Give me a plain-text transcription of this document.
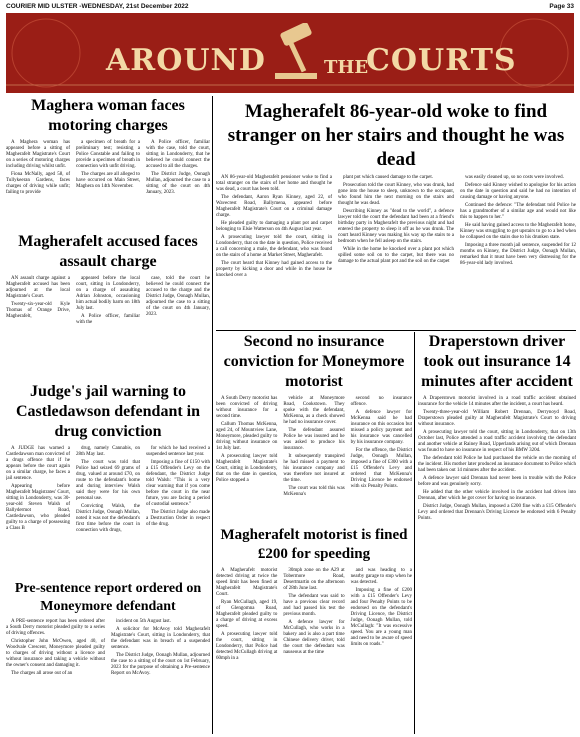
COURIER MID ULSTER -WEDNESDAY, 21st December 2022	Page 33
AROUND	THE
COURTS
Maghera woman faces motoring charges

A Maghera woman has appeared before a sitting of Magherafelt Magistrate's Court on a series of motoring charges including driving whilst unfit.

Fiona McNally, aged 58, of Tullykeeran Gardens, faces charges of driving while unfit; failing to provide

a specimen of breath for a preliminary test; resisting a Police Constable and failing to provide a specimen of breath in connection with unfit driving.

The charges are all alleged to have occurred on Main Street, Maghera on 14th November.

A Police officer, familiar with the case, told the court, sitting in Londonderry, that he believed he could connect the accused to all the charges.

The District Judge, Oonagh Mullan, adjourned the case to a sitting of the court on 4th January, 2023.

Magherafelt accused faces assault charge

AN assault charge against a Magherafelt accused has been adjourned at the local Magistrate's Court.

Twenty-six-year-old Kyle Thomas of Orange Drive, Magherafelt,

appeared before the local court, sitting in Londonderry, on a charge of assaulting Adrian Johnston, occasioning him actual bodily harm on 18th July last.

A Police officer, familiar with the

case, told the court he believed he could connect the accused to the charge and the District Judge, Oonagh Mullan, adjourned the case to a sitting of the court on 4th January, 2023.

Judge's jail warning to Castledawson defendant in drug conviction

A JUDGE has warned a Castledawson man convicted of a drugs offence that if he appears before the court again on a similar charge, he faces a jail sentence.

Appearing before Magherafelt Magistrates' Court, sitting in Londonderry, was 30-year-old Steven Walsh of Ballydermot Road, Castledawson, who pleaded guilty to a charge of possessing a Class B

drug, namely Cannabis, on 28th May last.

The court was told that Police had seized 69 grams of drug, valued at around £70, on route to the defendant's home and during interview Walsh said they were for his own personal use.

Convicting Walsh, the District Judge, Oonagh Mullan, noted it was not the defendant's first time before the court in connection with drugs,

for which he had received a suspended sentence last year.

Imposing a fine of £150 with a £15 Offender's Levy on the defendant, the District Judge told Walsh: "This is a very clear warning that if you come before the court in the near future, you are facing a period of custodial sentence."

The District Judge also made a Destruction Order in respect of the drug.

Pre-sentence report ordered on Moneymore defendant

A PRE-sentence report has been ordered after a South Derry motorist pleaded guilty to a series of driving offences.

Christopher John McOwen, aged 40, of Woodvale Crescent, Moneymore pleaded guilty to charges of driving without a licence and without insurance and taking a vehicle without the owner's consent and damaging it.

The charges all arose out of an

incident on 5th August last.

A solicitor for McAvoy told Magherafelt Magistrate's Court, sitting in Londonderry, that the defendant was in breach of a suspended sentence.

The District Judge, Oonagh Mullan, adjourned the case to a sitting of the court on 1st February, 2023 for the purpose of obtaining a Pre-sentence Report on McAvoy.

Magherafelt 86-year-old woke to find stranger on her stairs and thought he was dead

AN 86-year-old Magherafelt pensioner woke to find a total stranger on the stairs of her home and thought he was dead, a court has been told.

The defendant, Aaron Ryan Kinney, aged 22, of Wavecrest Road, Ballymena, appeared before Magherafelt Magistrate's Court on a criminal damage charge.

He pleaded guilty to damaging a plant pot and carpet belonging to Elsie Watterson on 4th August last year.

A prosecuting lawyer told the court, sitting in Londonderry, that on the date in question, Police received a call concerning a male, the defendant, who was found on the stairs of a home at Market Street, Magherafelt.

The court heard that Kinney had gained access to the property by kicking a door and while in the house he knocked over a

plant pot which caused damage to the carpet.

Prosecution told the court Kinney, who was drunk, had gone into the house to sleep, unknown to the occupant, who found him the next morning on the stairs and thought he was dead.

Describing Kinney as "dead to the world", a defence lawyer told the court the defendant had been at a friend's birthday party in Magherafelt the previous night and had entered the property to sleep it off as he was drunk. The court heard Kinney was making his way up the stairs to a bedroom when he fell asleep on the stairs.

While in the home he knocked over a plant pot which spilled some soil on to the carpet, but there was no damage to the actual plant pot and the soil on the carpet

was easily cleaned up, so no costs were involved.

Defence said Kinney wished to apologise for his action on the date in question and said he had no intention of causing damage or having anyone.

Continued the defence: "The defendant told Police he has a grandmother of a similar age and would not like this to happen to her."

He said having gained access to the Magherafelt home, Kinney was struggling to get upstairs to go to a bed when he collapsed on the stairs due to his drunken state.

Imposing a three month jail sentence, suspended for 12 months on Kinney, the District Judge, Oonagh Mullan, remarked that it must have been very distressing for the 86-year-old lady involved.

Second no insurance conviction for Moneymore motorist

A South Derry motorist has been convicted of driving without insurance for a second time.

Callum Thomas McKenna, aged 24, of Mountview Lane, Moneymore, pleaded guilty to driving without insurance on 1st July last.

A prosecuting lawyer told Magherafelt Magistrate's Court, sitting in Londonderry, that on the date in question, Police stopped a

vehicle at Moneymore Road, Cookstown. They spoke with the defendant, McKenna, as a check showed he had no insurance cover.

The defendant assured Police he was insured and he was asked to produce his insurance.

It subsequently transpired he had missed a payment to his insurance company and was therefore not insured at the time.

The court was told this was McKenna's

second no insurance offence.

A defence lawyer for McKenna said he had insurance on this occasion but missed a policy payment and his insurance was cancelled by his insurance company.

For the offence, the District Judge, Oonagh Mullan, imposed a fine of £300 with a £15 Offender's Levy and ordered that McKenna's Driving Licence be endorsed with six Penalty Points.

Magherafelt motorist is fined £200 for speeding

A Magherafelt motorist detected driving at twice the speed limit has been fined at Magherafelt Magistrate's Court.

Ryan McCullagh, aged 19, of Glengomna Road, Magherafelt pleaded guilty to a charge of driving at excess speed.

A prosecuting lawyer told the court, sitting in Londonderry, that Police had detected McCullagh driving at 60mph in a

30mph zone on the A29 at Tobermore Road, Desertmartin on the afternoon of 28th June last.

The defendant was said to have a previous clear record and had passed his test the previous month.

A defence lawyer for McCullagh, who works in a bakery and is also a part time Chinese delivery driver, told the court the defendant was nauseous at the time

and was heading to a nearby garage to stop when he was detected.

Imposing a fine of £200 with a £15 Offender's Levy and four Penalty Points to be endorsed on the defendant's Driving Licence, the District Judge, Oonagh Mullan, told McCullagh: "It was excessive speed. You are a young man and need to be aware of speed limits on roads."

Draperstown driver took out insurance 14 minutes after accident

A Draperstown motorist involved in a road traffic accident obtained insurance for the vehicle 14 minutes after the incident, a court has heard.

Twenty-three-year-old William Robert Drennan, Derrynoyd Road, Draperstown pleaded guilty at Magherafelt Magistrate's Court to driving without insurance.

A prosecuting lawyer told the court, sitting in Londonderry, that on 13th October last, Police attended a road traffic accident involving the defendant and another vehicle at Rainey Road, Upperlands arising out of which Drennan was found to have no insurance in respect of his BMW 320d.

The defendant told Police he had purchased the vehicle on the morning of the incident. His mother later produced an insurance document to Police which had been taken out 14 minutes after the accident.

A defence lawyer said Drennan had never been in trouble with the Police before and was genuinely sorry.

He added that the other vehicle involved in the accident had driven into Drennan, after which he got cover for having no insurance.

District Judge, Oonagh Mullan, imposed a £200 fine with a £15 Offender's Levy and ordered that Drennan's Driving Licence be endorsed with 6 Penalty Points.
